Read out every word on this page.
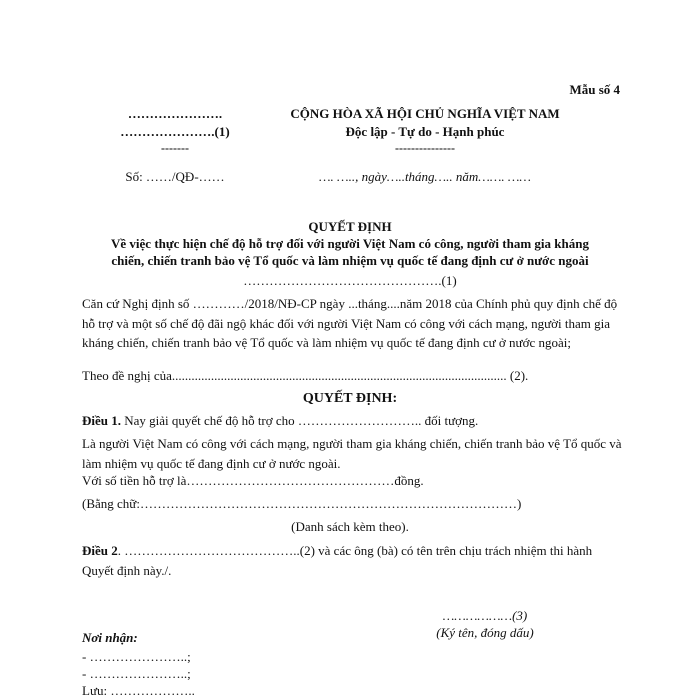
Mẫu số 4
………………….
………………….(1)
-------
Số: ……/QĐ-……
CỘNG HÒA XÃ HỘI CHỦ NGHĨA VIỆT NAM
Độc lập - Tự do - Hạnh phúc
---------------
…. ….., ngày…..tháng….. năm……. ……
QUYẾT ĐỊNH
Về việc thực hiện chế độ hỗ trợ đối với người Việt Nam có công, người tham gia kháng
chiến, chiến tranh bảo vệ Tổ quốc và làm nhiệm vụ quốc tế đang định cư ở nước ngoài
……………………………………….(1)
Căn cứ Nghị định số …………/2018/NĐ-CP ngày ...tháng....năm 2018 của Chính phủ quy định chế độ hỗ trợ và một số chế độ đãi ngộ khác đối với người Việt Nam có công với cách mạng, người tham gia kháng chiến, chiến tranh bảo vệ Tổ quốc và làm nhiệm vụ quốc tế đang định cư ở nước ngoài;
Theo đề nghị của....................................................................................................... (2).
QUYẾT ĐỊNH:
Điều 1. Nay giải quyết chế độ hỗ trợ cho ……………………….. đối tượng.
Là người Việt Nam có công với cách mạng, người tham gia kháng chiến, chiến tranh bảo vệ Tổ quốc và làm nhiệm vụ quốc tế đang định cư ở nước ngoài.
Với số tiền hỗ trợ là…………………………………………đồng.
(Bằng chữ:……………………………………………………………………………)
(Danh sách kèm theo).
Điều 2. …………………………………..(2) và các ông (bà) có tên trên chịu trách nhiệm thi hành Quyết định này./.
………………(3)
(Ký tên, đóng dấu)
Nơi nhận:
- …………………..;
- …………………..;
Lưu: ………………..
